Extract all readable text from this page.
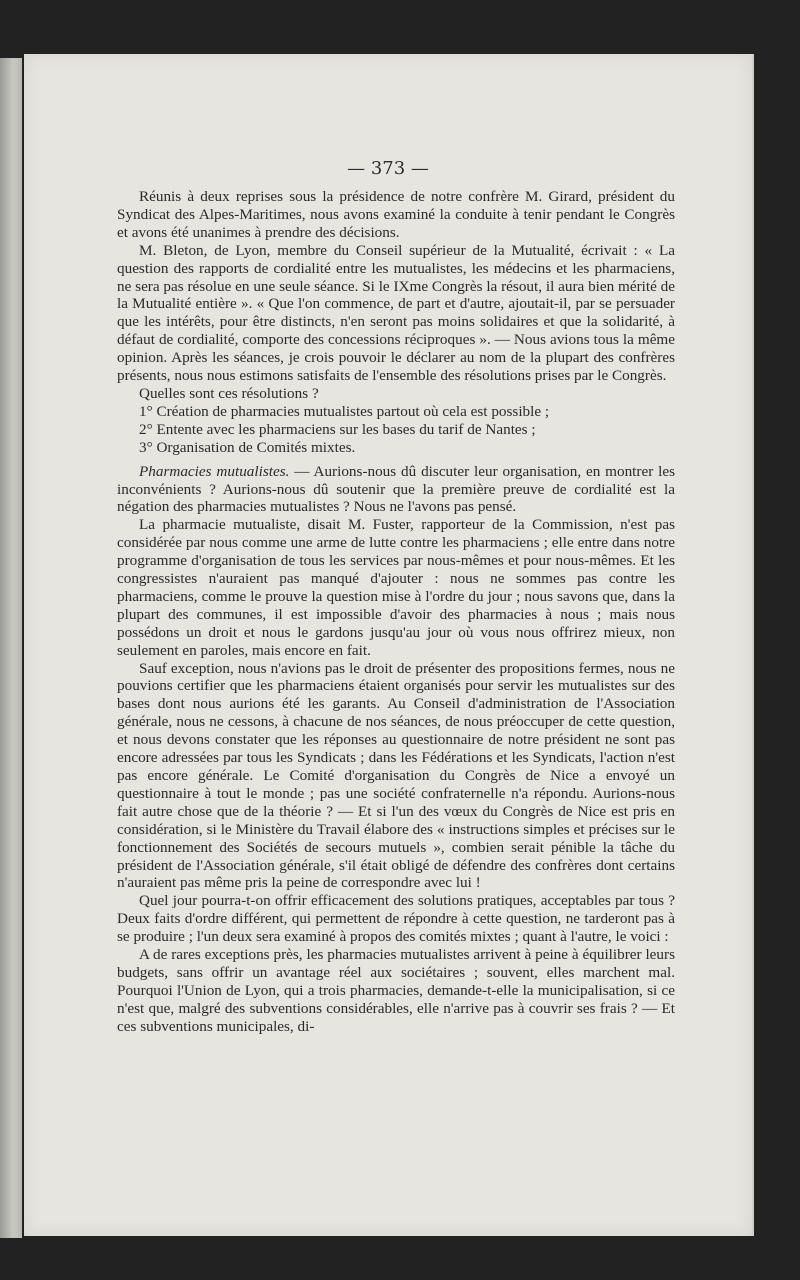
— 373 —

Réunis à deux reprises sous la présidence de notre confrère M. Girard, président du Syndicat des Alpes-Maritimes, nous avons examiné la conduite à tenir pendant le Congrès et avons été unanimes à prendre des décisions.

M. Bleton, de Lyon, membre du Conseil supérieur de la Mutualité, écrivait : « La question des rapports de cordialité entre les mutualistes, les médecins et les pharmaciens, ne sera pas résolue en une seule séance. Si le IXme Congrès la résout, il aura bien mérité de la Mutualité entière ». « Que l'on commence, de part et d'autre, ajoutait-il, par se persuader que les intérêts, pour être distincts, n'en seront pas moins solidaires et que la solidarité, à défaut de cordialité, comporte des concessions réciproques ». — Nous avions tous la même opinion. Après les séances, je crois pouvoir le déclarer au nom de la plupart des confrères présents, nous nous estimons satisfaits de l'ensemble des résolutions prises par le Congrès.

Quelles sont ces résolutions ?

1° Création de pharmacies mutualistes partout où cela est possible ;

2° Entente avec les pharmaciens sur les bases du tarif de Nantes ;

3° Organisation de Comités mixtes.

Pharmacies mutualistes. — Aurions-nous dû discuter leur organisation, en montrer les inconvénients ? Aurions-nous dû soutenir que la première preuve de cordialité est la négation des pharmacies mutualistes ? Nous ne l'avons pas pensé.

La pharmacie mutualiste, disait M. Fuster, rapporteur de la Commission, n'est pas considérée par nous comme une arme de lutte contre les pharmaciens ; elle entre dans notre programme d'organisation de tous les services par nous-mêmes et pour nous-mêmes. Et les congressistes n'auraient pas manqué d'ajouter : nous ne sommes pas contre les pharmaciens, comme le prouve la question mise à l'ordre du jour ; nous savons que, dans la plupart des communes, il est impossible d'avoir des pharmacies à nous ; mais nous possédons un droit et nous le gardons jusqu'au jour où vous nous offrirez mieux, non seulement en paroles, mais encore en fait.

Sauf exception, nous n'avions pas le droit de présenter des propositions fermes, nous ne pouvions certifier que les pharmaciens étaient organisés pour servir les mutualistes sur des bases dont nous aurions été les garants. Au Conseil d'administration de l'Association générale, nous ne cessons, à chacune de nos séances, de nous préoccuper de cette question, et nous devons constater que les réponses au questionnaire de notre président ne sont pas encore adressées par tous les Syndicats ; dans les Fédérations et les Syndicats, l'action n'est pas encore générale. Le Comité d'organisation du Congrès de Nice a envoyé un questionnaire à tout le monde ; pas une société confraternelle n'a répondu. Aurions-nous fait autre chose que de la théorie ? — Et si l'un des vœux du Congrès de Nice est pris en considération, si le Ministère du Travail élabore des « instructions simples et précises sur le fonctionnement des Sociétés de secours mutuels », combien serait pénible la tâche du président de l'Association générale, s'il était obligé de défendre des confrères dont certains n'auraient pas même pris la peine de correspondre avec lui !

Quel jour pourra-t-on offrir efficacement des solutions pratiques, acceptables par tous ? Deux faits d'ordre différent, qui permettent de répondre à cette question, ne tarderont pas à se produire ; l'un deux sera examiné à propos des comités mixtes ; quant à l'autre, le voici :

A de rares exceptions près, les pharmacies mutualistes arrivent à peine à équilibrer leurs budgets, sans offrir un avantage réel aux sociétaires ; souvent, elles marchent mal. Pourquoi l'Union de Lyon, qui a trois pharmacies, demande-t-elle la municipalisation, si ce n'est que, malgré des subventions considérables, elle n'arrive pas à couvrir ses frais ? — Et ces subventions municipales, di-
